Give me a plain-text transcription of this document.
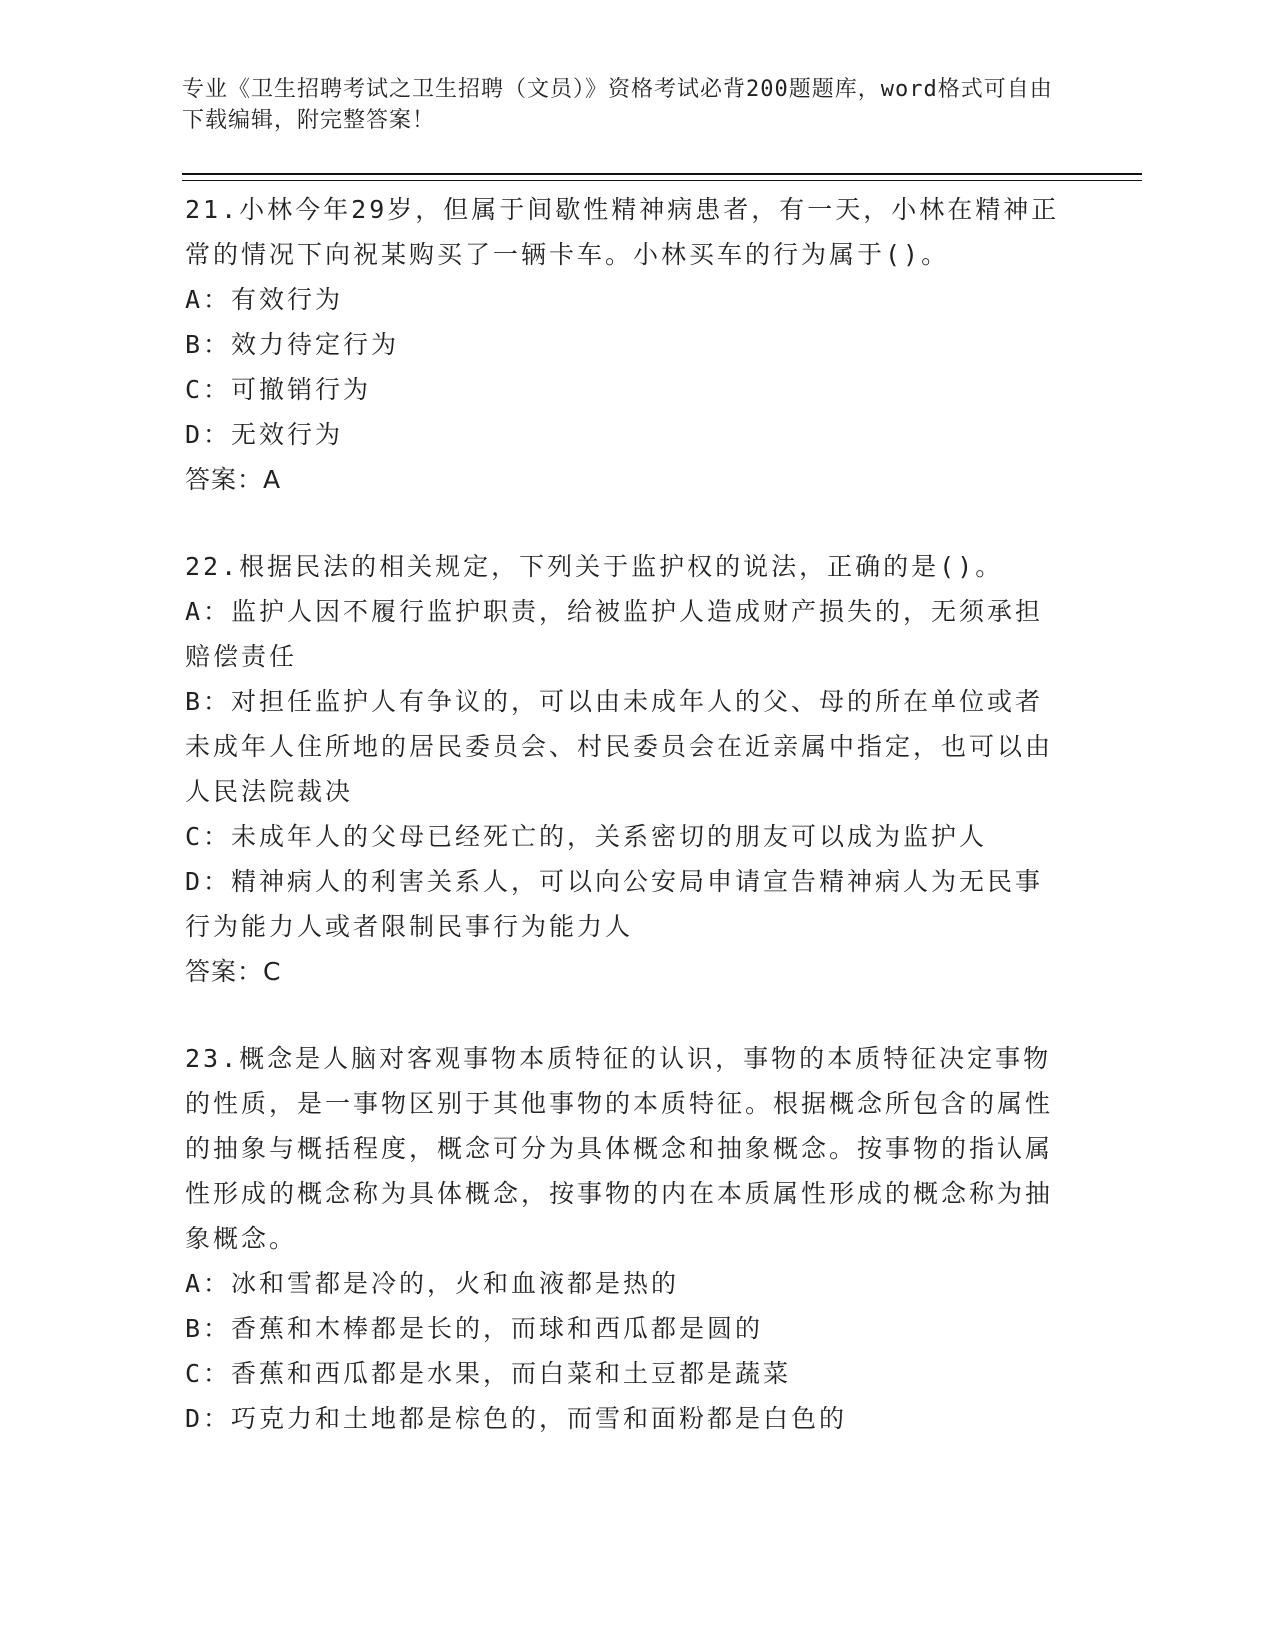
专业《卫生招聘考试之卫生招聘（文员）》资格考试必背200题题库，word格式可自由下载编辑，附完整答案！
21.小林今年29岁，但属于间歇性精神病患者，有一天，小林在精神正常的情况下向祝某购买了一辆卡车。小林买车的行为属于()。
A：有效行为
B：效力待定行为
C：可撤销行为
D：无效行为
答案：A
22.根据民法的相关规定，下列关于监护权的说法，正确的是()。
A：监护人因不履行监护职责，给被监护人造成财产损失的，无须承担赔偿责任
B：对担任监护人有争议的，可以由未成年人的父、母的所在单位或者未成年人住所地的居民委员会、村民委员会在近亲属中指定，也可以由人民法院裁决
C：未成年人的父母已经死亡的，关系密切的朋友可以成为监护人
D：精神病人的利害关系人，可以向公安局申请宣告精神病人为无民事行为能力人或者限制民事行为能力人
答案：C
23.概念是人脑对客观事物本质特征的认识，事物的本质特征决定事物的性质，是一事物区别于其他事物的本质特征。根据概念所包含的属性的抽象与概括程度，概念可分为具体概念和抽象概念。按事物的指认属性形成的概念称为具体概念，按事物的内在本质属性形成的概念称为抽象概念。
A：冰和雪都是冷的，火和血液都是热的
B：香蕉和木棒都是长的，而球和西瓜都是圆的
C：香蕉和西瓜都是水果，而白菜和土豆都是蔬菜
D：巧克力和土地都是棕色的，而雪和面粉都是白色的
